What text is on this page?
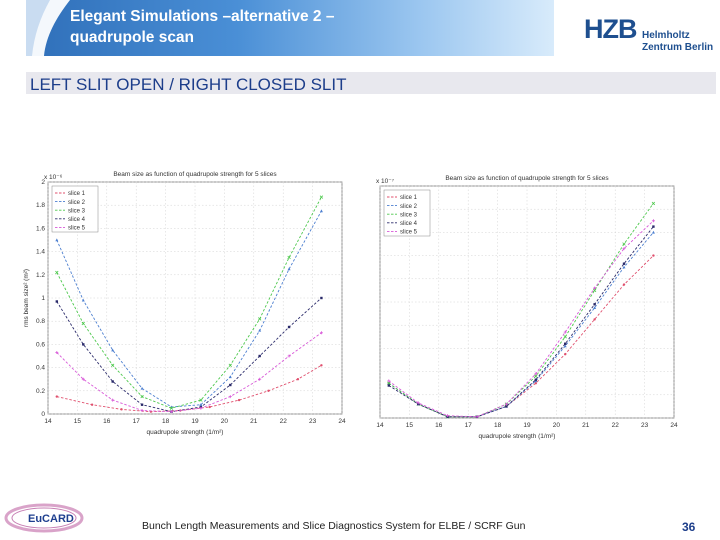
Elegant Simulations –alternative 2 –
quadrupole scan	HZB Helmholtz
Zentrum Berlin
LEFT SLIT OPEN / RIGHT CLOSED SLIT
Beam size as function of quadrupole strength for 5 slices
x 10⁻⁶
14	15	16	17	18	19	20	21	22	23	24
0
0.2
0.4
0.6
0.8
1
1.2
1.4
1.6
1.8
2
quadrupole strength (1/m²)
rms beam size² (m²)
slice 1
slice 2
slice 3
slice 4
slice 5
Beam size as function of quadrupole strength for 5 slices
x 10⁻⁷
14	15	16	17	18	19	20	21	22	23	24
quadrupole strength (1/m²)
slice 1
slice 2
slice 3
slice 4
slice 5
EuCARD
Bunch Length Measurements and Slice Diagnostics System for ELBE / SCRF Gun	36
